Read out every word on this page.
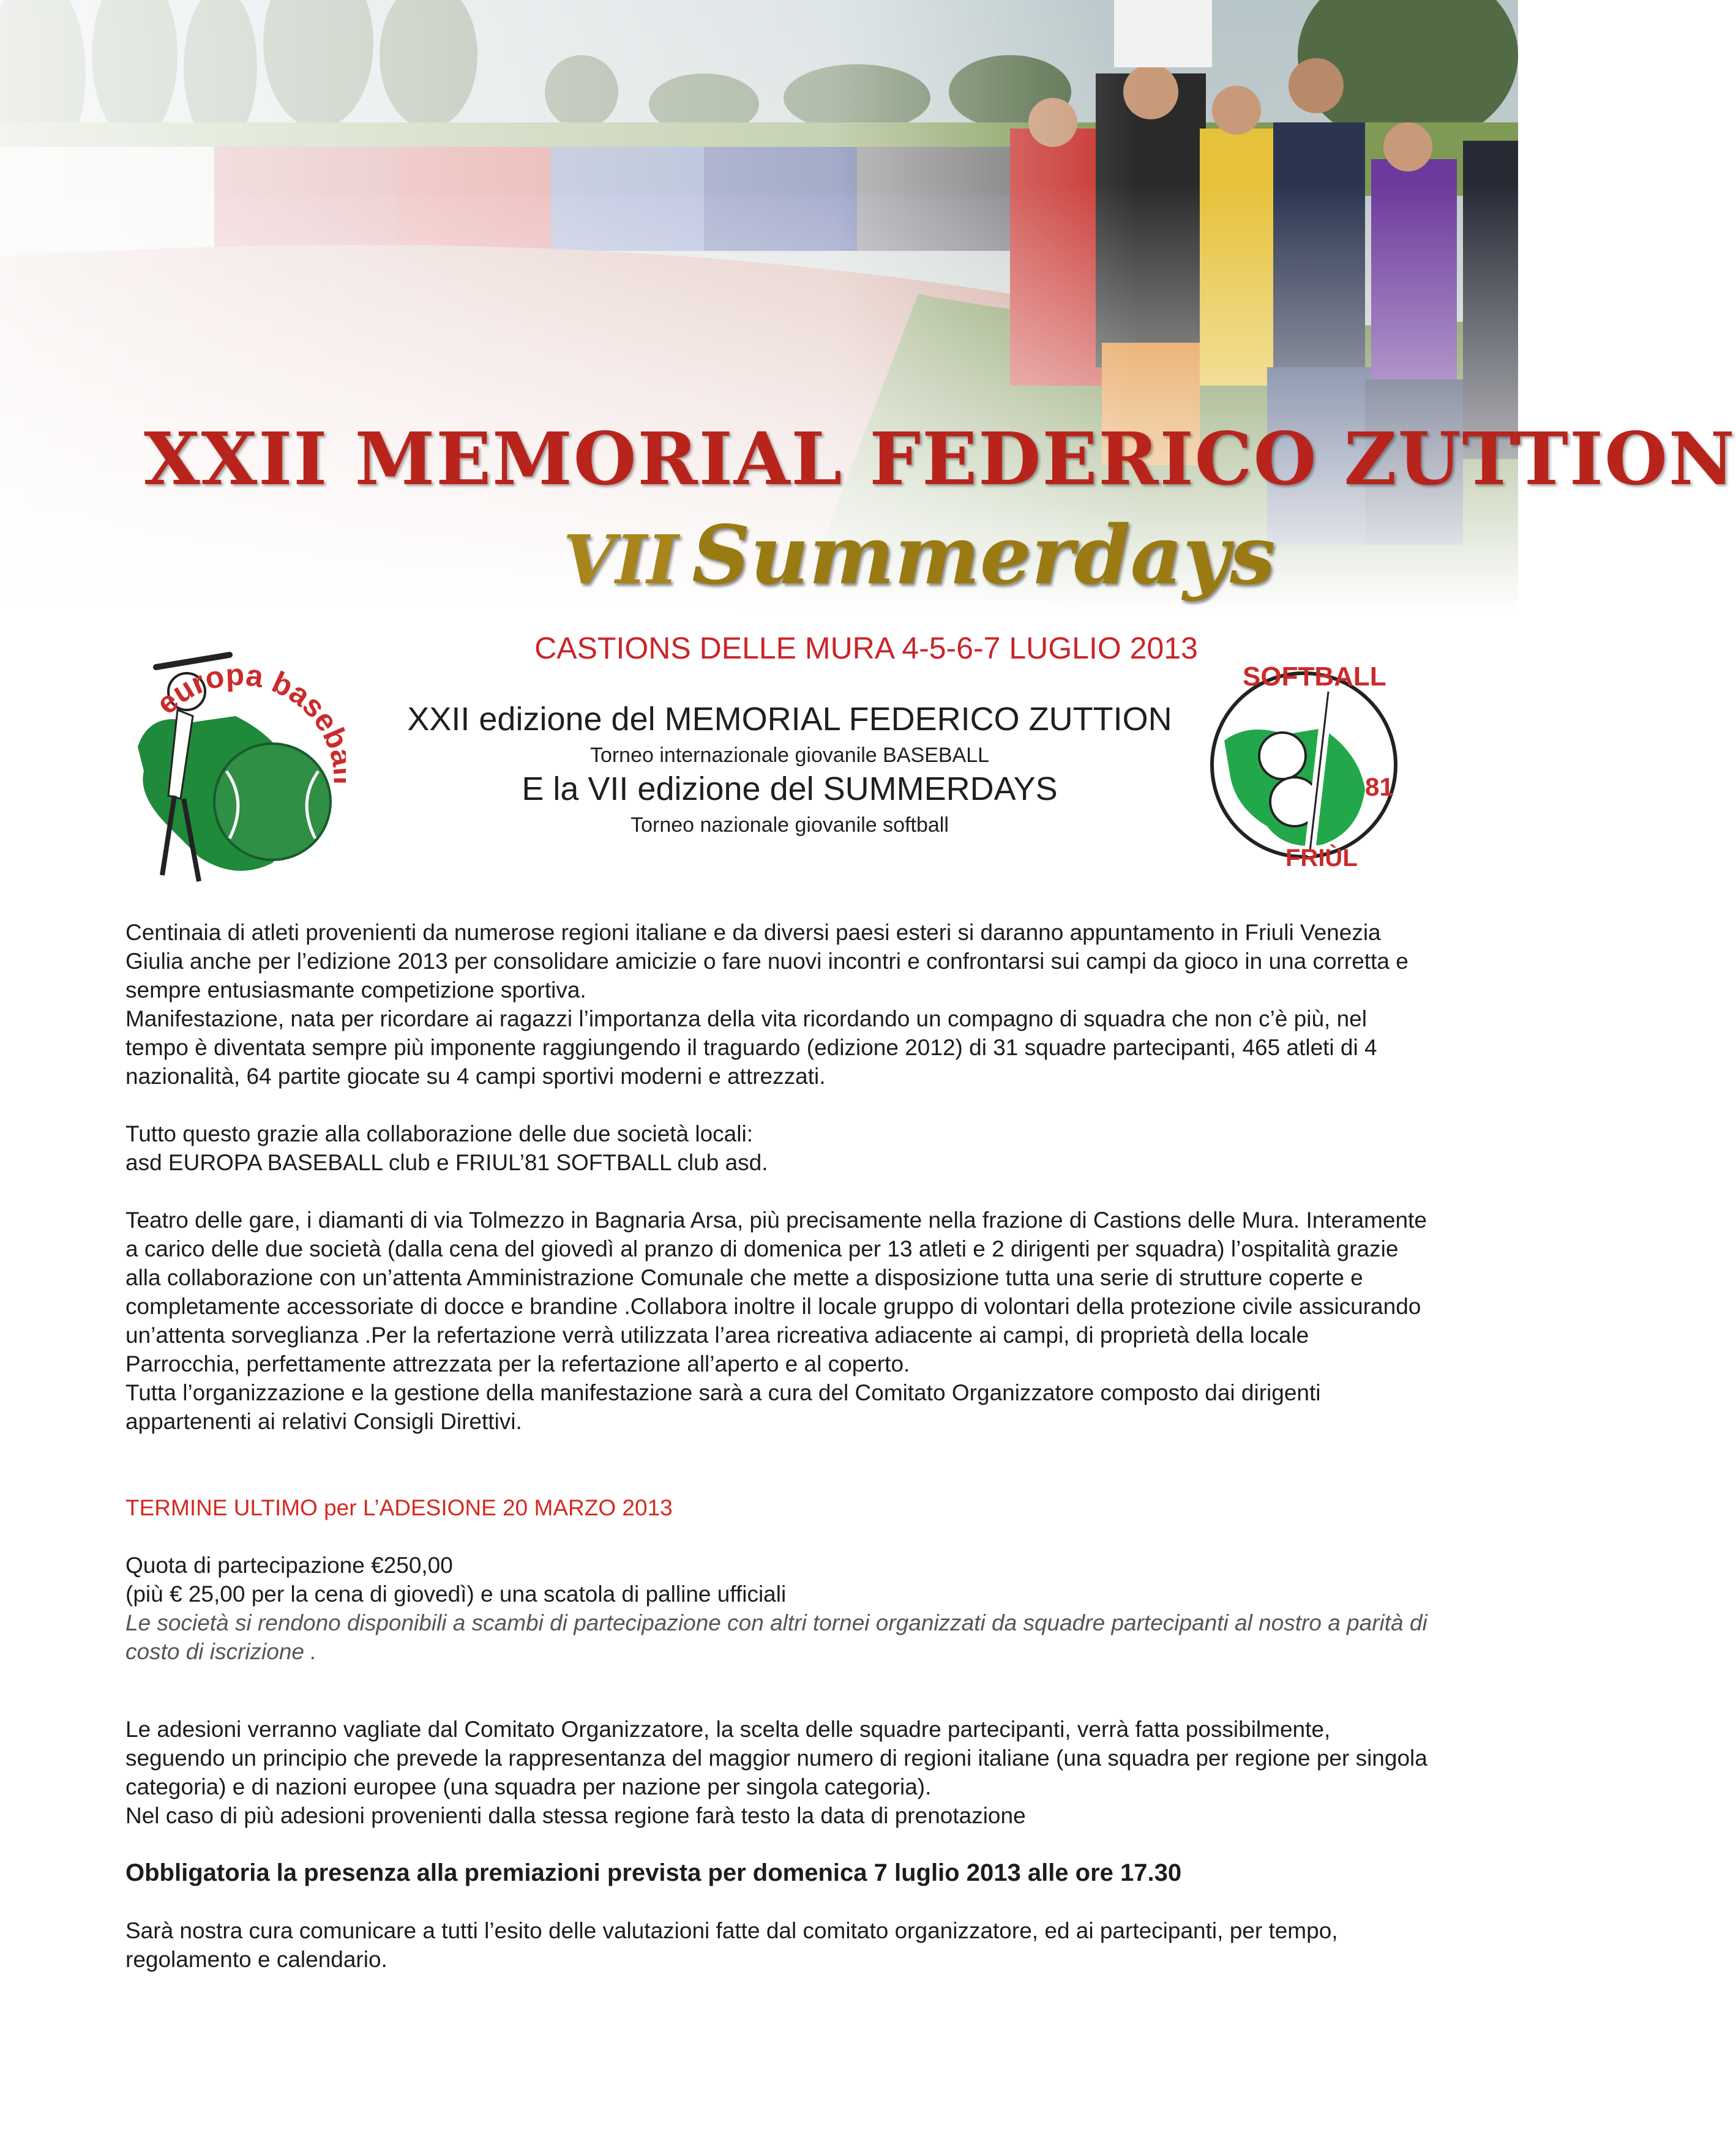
XXII MEMORIAL FEDERICO ZUTTION
VII Summerdays
CASTIONS DELLE MURA 4-5-6-7 LUGLIO 2013
europa base
SOFTBALL
FRIÙL
81
XXII edizione del MEMORIAL FEDERICO ZUTTION
Torneo internazionale giovanile BASEBALL
E la VII edizione del SUMMERDAYS
Torneo nazionale giovanile softball

Centinaia di atleti provenienti da numerose regioni italiane e da diversi paesi esteri si daranno appuntamento in Friuli Venezia Giulia anche per l’edizione 2013 per consolidare amicizie o fare nuovi incontri e confrontarsi sui campi da gioco in una corretta e sempre entusiasmante competizione sportiva.

Manifestazione, nata per ricordare ai ragazzi l’importanza della vita ricordando un compagno di squadra che non c’è più, nel tempo è diventata sempre più imponente raggiungendo il traguardo (edizione 2012) di 31 squadre partecipanti, 465 atleti di 4 nazionalità, 64 partite giocate su 4 campi sportivi moderni e attrezzati.

Tutto questo grazie alla collaborazione delle due società locali:

asd EUROPA BASEBALL club e FRIUL’81 SOFTBALL club asd.

Teatro delle gare, i diamanti di via Tolmezzo in Bagnaria Arsa, più precisamente nella frazione di Castions delle Mura. Interamente a carico delle due società (dalla cena del giovedì al pranzo di domenica per 13 atleti e 2 dirigenti per squadra) l’ospitalità grazie alla collaborazione con un’attenta Amministrazione Comunale che mette a disposizione tutta una serie di strutture coperte e completamente accessoriate di docce e brandine .Collabora inoltre il locale gruppo di volontari della protezione civile assicurando un’attenta sorveglianza .Per la refertazione verrà utilizzata l’area ricreativa adiacente ai campi, di proprietà della locale Parrocchia, perfettamente attrezzata per la refertazione all’aperto e al coperto.

Tutta l’organizzazione e la gestione della manifestazione sarà a cura del Comitato Organizzatore composto dai dirigenti appartenenti ai relativi Consigli Direttivi.

TERMINE ULTIMO per L’ADESIONE 20 MARZO 2013

Quota di partecipazione €250,00

(più € 25,00 per la cena di giovedì) e una scatola di palline ufficiali

Le società si rendono disponibili a scambi di partecipazione con altri tornei organizzati da squadre partecipanti al nostro a parità di costo di iscrizione .

Le adesioni verranno vagliate dal Comitato Organizzatore, la scelta delle squadre partecipanti, verrà fatta possibilmente, seguendo un principio che prevede la rappresentanza del maggior numero di regioni italiane (una squadra per regione per singola categoria) e di nazioni europee (una squadra per nazione per singola categoria).

Nel caso di più adesioni provenienti dalla stessa regione farà testo la data di prenotazione

Obbligatoria la presenza alla premiazioni prevista per domenica 7 luglio 2013 alle ore 17.30

Sarà nostra cura comunicare a tutti l’esito delle valutazioni fatte dal comitato organizzatore, ed ai partecipanti, per tempo, regolamento e calendario.
